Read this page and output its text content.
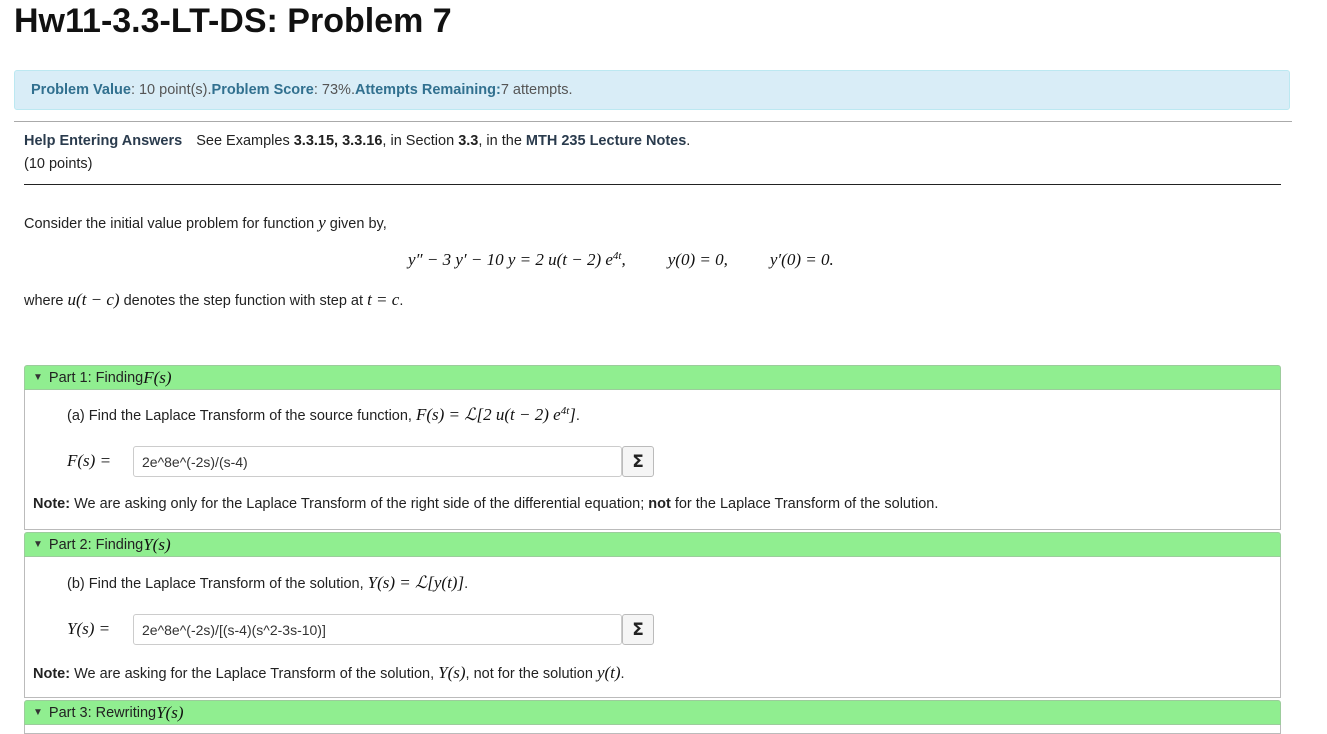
Hw11-3.3-LT-DS: Problem 7
Problem Value : 10 point(s). Problem Score : 73%. Attempts Remaining: 7 attempts.
Help Entering Answers See Examples 3.3.15, 3.3.16, in Section 3.3, in the MTH 235 Lecture Notes.
(10 points)
Consider the initial value problem for function y given by,
y″ − 3 y′ − 10 y = 2 u(t − 2) $e^{4t}$, y(0) = 0, y′(0) = 0.
where u(t − c) denotes the step function with step at t = c.
▼ Part 1: Finding F(s)
(a) Find the Laplace Transform of the source function, F(s) = ℒ[2 u(t − 2) $e^{4t}$].
F(s) =
2e^8e^(-2s)/(s-4)	Σ
Note: We are asking only for the Laplace Transform of the right side of the differential equation; not for the Laplace Transform of the solution.
▼ Part 2: Finding Y(s)
(b) Find the Laplace Transform of the solution, Y(s) = ℒ[y(t)].
Y(s) =
2e^8e^(-2s)/[(s-4)(s^2-3s-10)]	Σ
Note: We are asking for the Laplace Transform of the solution, Y(s), not for the solution y(t).
▼ Part 3: Rewriting Y(s)
